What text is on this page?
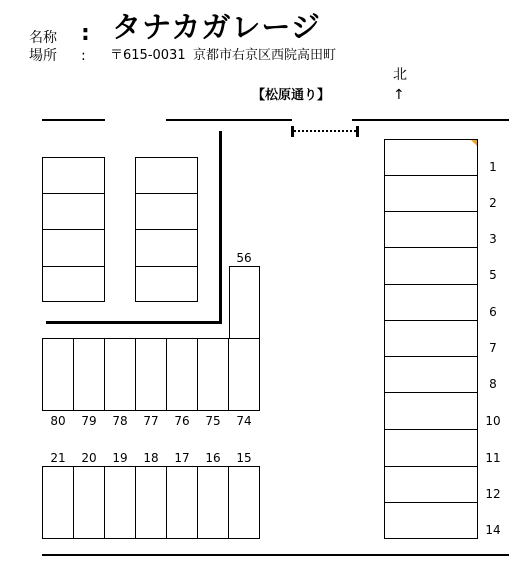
名称 : タナカガレージ
場所 : 〒615-0031 京都市右京区西院高田町
【松原通り】
北
↑
56
80	79	78	77	76	75	74
21	20	19	18	17	16	15
1
2
3
5
6
7
8
10
11
12
14
